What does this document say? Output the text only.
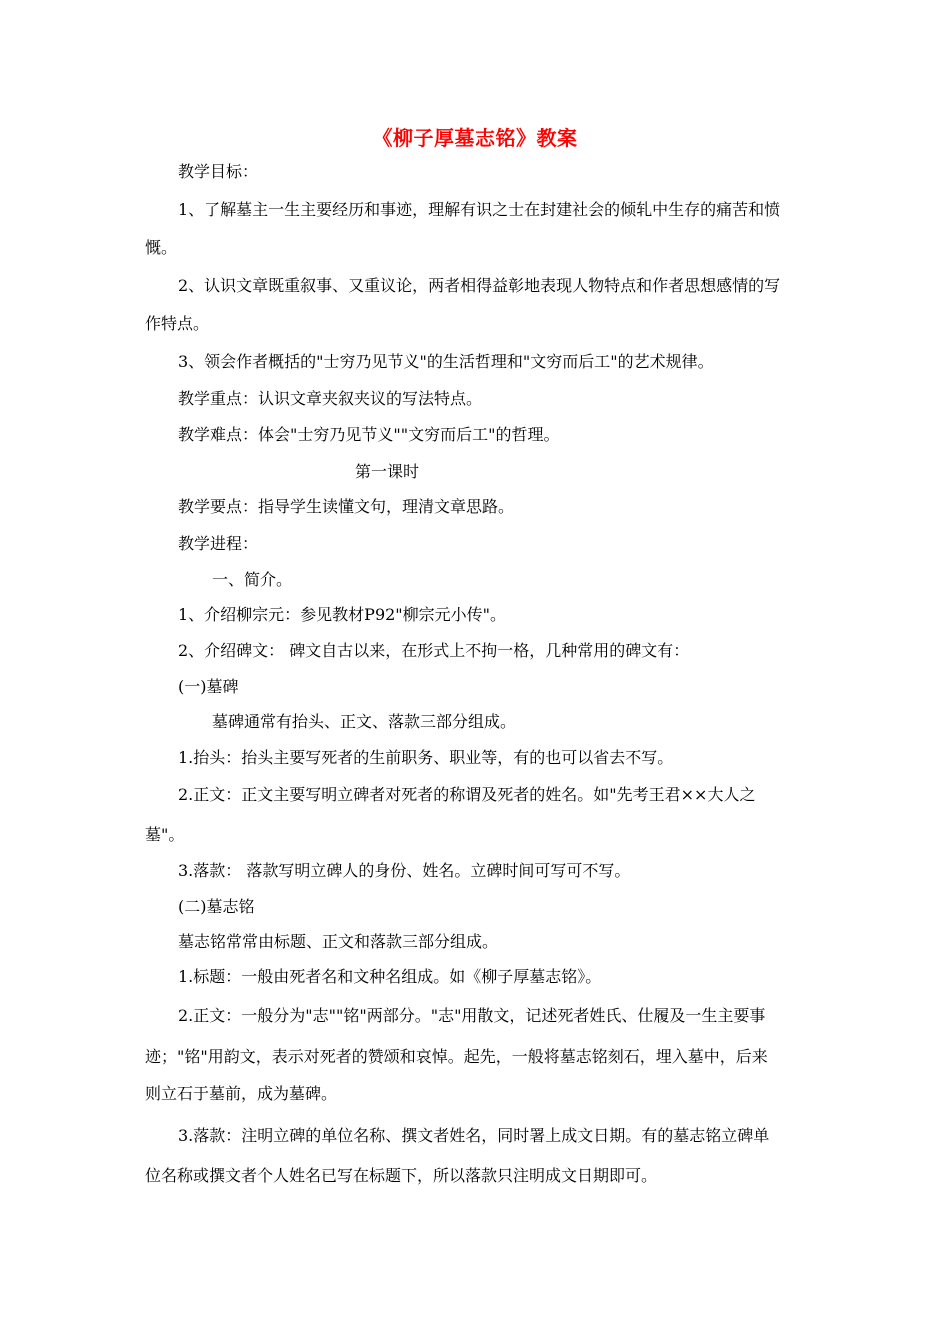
《柳子厚墓志铭》教案
教学目标：
1、了解墓主一生主要经历和事迹，理解有识之士在封建社会的倾轧中生存的痛苦和愤
慨。
2、认识文章既重叙事、又重议论，两者相得益彰地表现人物特点和作者思想感情的写
作特点。
3、领会作者概括的"士穷乃见节义"的生活哲理和"文穷而后工"的艺术规律。
教学重点：认识文章夹叙夹议的写法特点。
教学难点：体会"士穷乃见节义""文穷而后工"的哲理。
第一课时
教学要点：指导学生读懂文句，理清文章思路。
教学进程：
一、简介。
1、介绍柳宗元：参见教材P92"柳宗元小传"。
2、介绍碑文： 碑文自古以来，在形式上不拘一格，几种常用的碑文有：
(一)墓碑
墓碑通常有抬头、正文、落款三部分组成。
1.抬头：抬头主要写死者的生前职务、职业等，有的也可以省去不写。
2.正文：正文主要写明立碑者对死者的称谓及死者的姓名。如"先考王君××大人之
墓"。
3.落款： 落款写明立碑人的身份、姓名。立碑时间可写可不写。
(二)墓志铭
墓志铭常常由标题、正文和落款三部分组成。
1.标题：一般由死者名和文种名组成。如《柳子厚墓志铭》。
2.正文：一般分为"志""铭"两部分。"志"用散文，记述死者姓氏、仕履及一生主要事
迹；"铭"用韵文，表示对死者的赞颂和哀悼。起先，一般将墓志铭刻石，埋入墓中，后来
则立石于墓前，成为墓碑。
3.落款：注明立碑的单位名称、撰文者姓名，同时署上成文日期。有的墓志铭立碑单
位名称或撰文者个人姓名已写在标题下，所以落款只注明成文日期即可。
